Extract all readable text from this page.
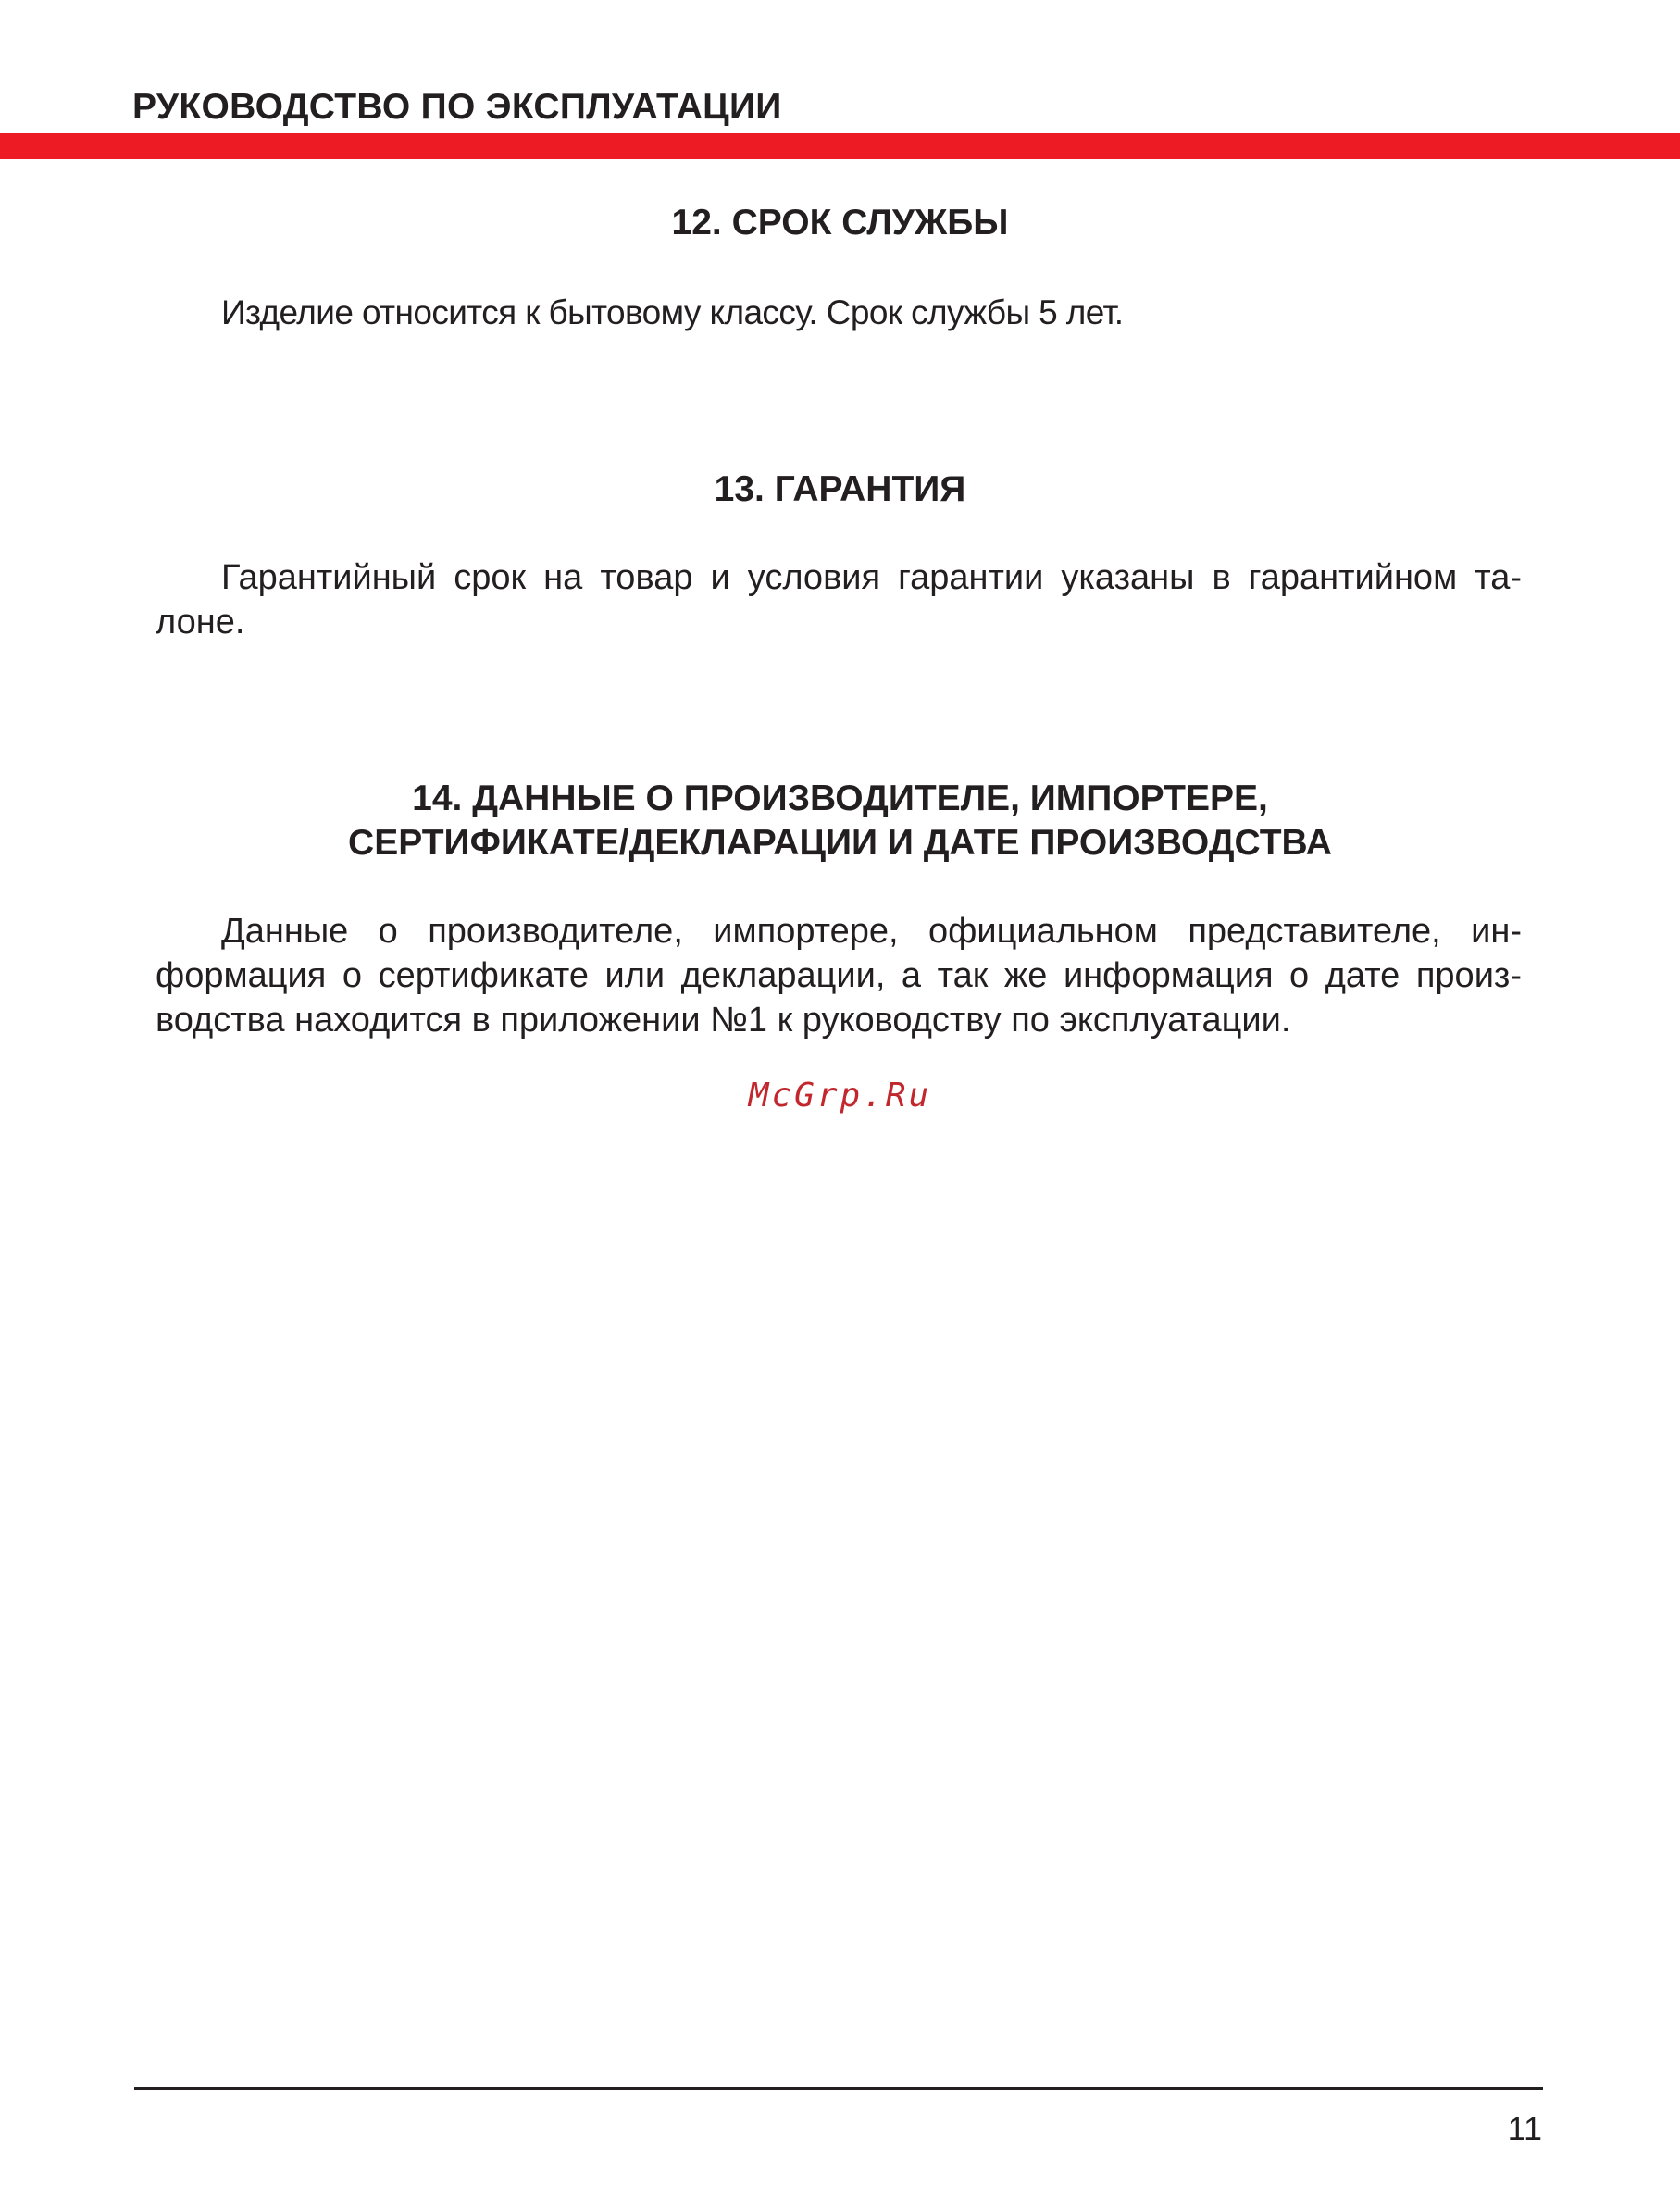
РУКОВОДСТВО ПО ЭКСПЛУАТАЦИИ
12. СРОК СЛУЖБЫ
Изделие относится к бытовому классу. Срок службы 5 лет.
13. ГАРАНТИЯ
Гарантийный срок на товар и условия гарантии указаны в гарантийном та-
лоне.
14. ДАННЫЕ О ПРОИЗВОДИТЕЛЕ, ИМПОРТЕРЕ,
СЕРТИФИКАТЕ/ДЕКЛАРАЦИИ И ДАТЕ ПРОИЗВОДСТВА
Данные о производителе, импортере, официальном представителе, ин-
формация о сертификате или декларации, а так же информация о дате произ-
водства находится в приложении №1 к руководству по эксплуатации.
McGrp.Ru
11
